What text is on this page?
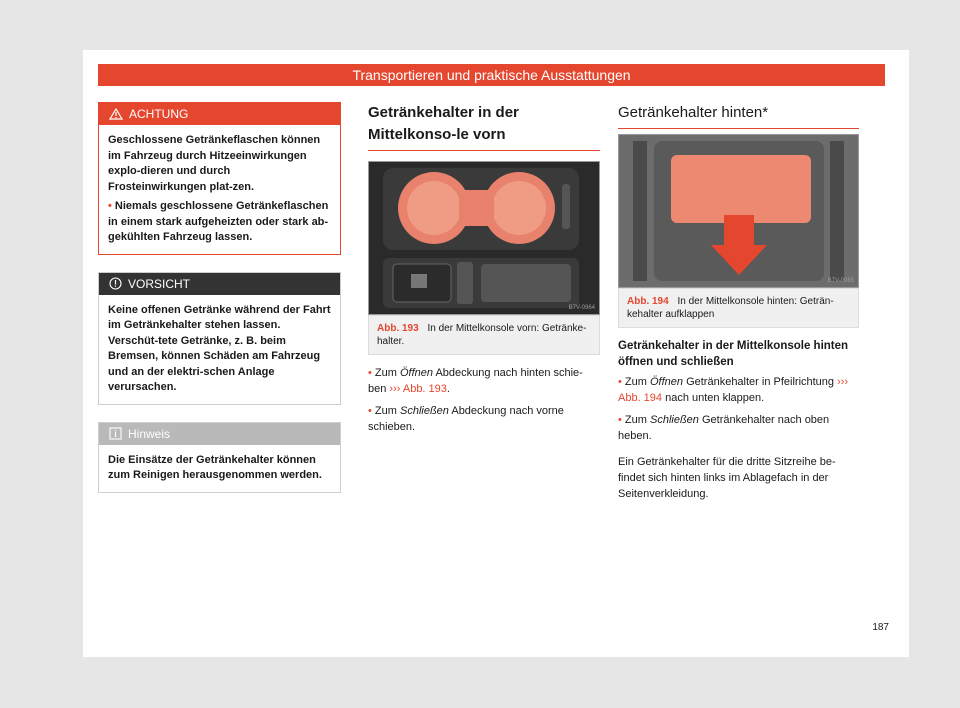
Transportieren und praktische Ausstattungen
ACHTUNG
Geschlossene Getränkeflaschen können im Fahrzeug durch Hitzeeinwirkungen explo-dieren und durch Frosteinwirkungen plat-zen.
• Niemals geschlossene Getränkeflaschen in einem stark aufgeheizten oder stark ab-gekühlten Fahrzeug lassen.
VORSICHT
Keine offenen Getränke während der Fahrt im Getränkehalter stehen lassen. Verschüt-tete Getränke, z. B. beim Bremsen, können Schäden am Fahrzeug und an der elektri-schen Anlage verursachen.
Hinweis
Die Einsätze der Getränkehalter können zum Reinigen herausgenommen werden.
Getränkehalter in der Mittelkonso-le vorn
B7V-0964
Abb. 193 In der Mittelkonsole vorn: Getränke-halter.

• Zum Öffnen Abdeckung nach hinten schie-ben ››› Abb. 193.

• Zum Schließen Abdeckung nach vorne schieben.

Getränkehalter hinten*
B7V-0965
Abb. 194 In der Mittelkonsole hinten: Geträn-kehalter aufklappen
Getränkehalter in der Mittelkonsole hinten öffnen und schließen

• Zum Öffnen Getränkehalter in Pfeilrichtung ››› Abb. 194 nach unten klappen.

• Zum Schließen Getränkehalter nach oben heben.

Ein Getränkehalter für die dritte Sitzreihe be-findet sich hinten links im Ablagefach in der Seitenverkleidung.

187
